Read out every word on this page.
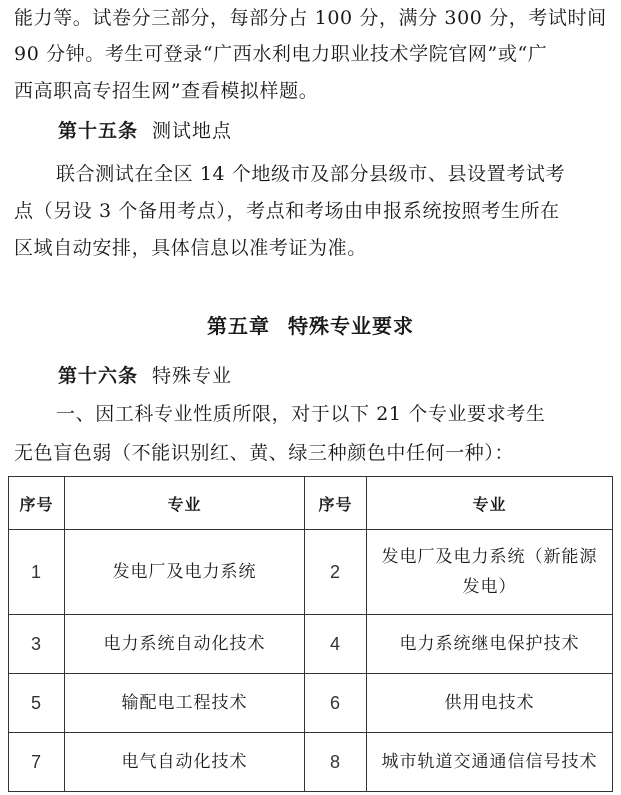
能力等。试卷分三部分，每部分占 100 分，满分 300 分，考试时间
90 分钟。考生可登录“广西水利电力职业技术学院官网”或“广
西高职高专招生网”查看模拟样题。
第十五条 测试地点
联合测试在全区 14 个地级市及部分县级市、县设置考试考
点（另设 3 个备用考点），考点和考场由申报系统按照考生所在
区域自动安排，具体信息以准考证为准。
第五章 特殊专业要求
第十六条 特殊专业
一、因工科专业性质所限，对于以下 21 个专业要求考生
无色盲色弱（不能识别红、黄、绿三种颜色中任何一种）：
序号	专业	序号	专业
1	发电厂及电力系统	2	发电厂及电力系统（新能源发电）
3	电力系统自动化技术	4	电力系统继电保护技术
5	输配电工程技术	6	供用电技术
7	电气自动化技术	8	城市轨道交通通信信号技术
